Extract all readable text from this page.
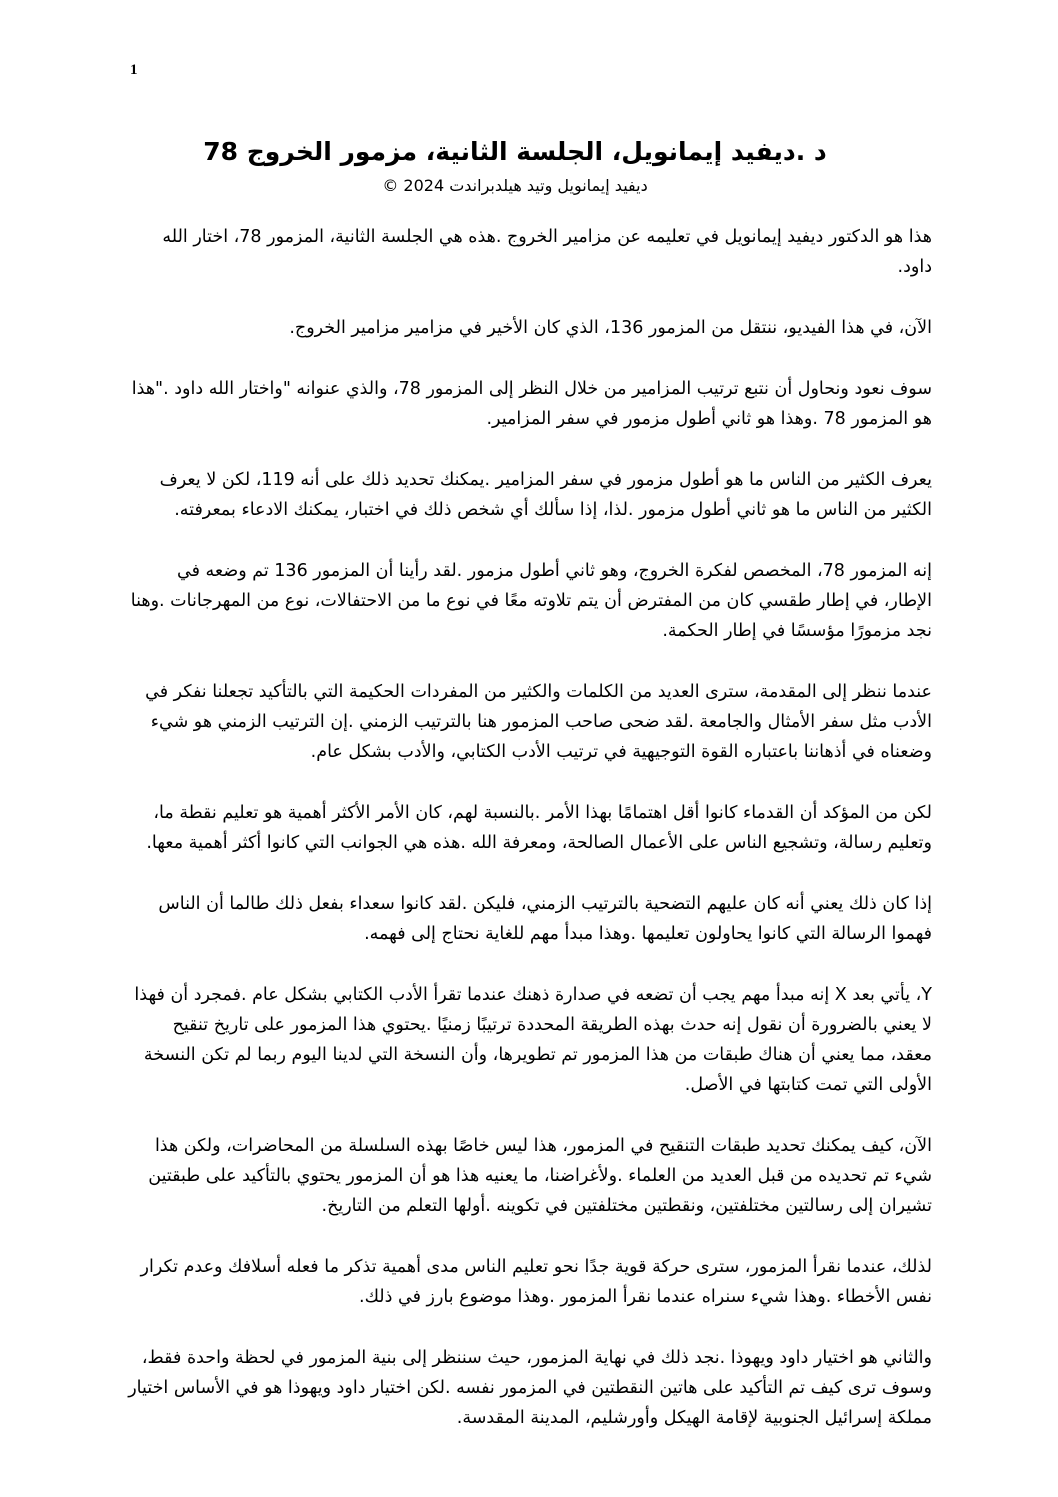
1
د .ديفيد إيمانويل، الجلسة الثانية، مزمور الخروج 78
ديفيد إيمانويل وتيد هيلدبراندت 2024 ©

هذا هو الدكتور ديفيد إيمانويل في تعليمه عن مزامير الخروج .هذه هي الجلسة الثانية، المزمور 78، اختار الله داود.

الآن، في هذا الفيديو، ننتقل من المزمور 136، الذي كان الأخير في مزامير مزامير الخروج.

سوف نعود ونحاول أن نتبع ترتيب المزامير من خلال النظر إلى المزمور 78، والذي عنوانه "واختار الله داود ."هذا هو المزمور 78 .وهذا هو ثاني أطول مزمور في سفر المزامير.

يعرف الكثير من الناس ما هو أطول مزمور في سفر المزامير .يمكنك تحديد ذلك على أنه 119، لكن لا يعرف الكثير من الناس ما هو ثاني أطول مزمور .لذا، إذا سألك أي شخص ذلك في اختبار، يمكنك الادعاء بمعرفته.

إنه المزمور 78، المخصص لفكرة الخروج، وهو ثاني أطول مزمور .لقد رأينا أن المزمور 136 تم وضعه في الإطار، في إطار طقسي كان من المفترض أن يتم تلاوته معًا في نوع ما من الاحتفالات، نوع من المهرجانات .وهنا نجد مزمورًا مؤسسًا في إطار الحكمة.

عندما ننظر إلى المقدمة، سترى العديد من الكلمات والكثير من المفردات الحكيمة التي بالتأكيد تجعلنا نفكر في الأدب مثل سفر الأمثال والجامعة .لقد ضحى صاحب المزمور هنا بالترتيب الزمني .إن الترتيب الزمني هو شيء وضعناه في أذهاننا باعتباره القوة التوجيهية في ترتيب الأدب الكتابي، والأدب بشكل عام.

لكن من المؤكد أن القدماء كانوا أقل اهتمامًا بهذا الأمر .بالنسبة لهم، كان الأمر الأكثر أهمية هو تعليم نقطة ما، وتعليم رسالة، وتشجيع الناس على الأعمال الصالحة، ومعرفة الله .هذه هي الجوانب التي كانوا أكثر أهمية معها.

إذا كان ذلك يعني أنه كان عليهم التضحية بالترتيب الزمني، فليكن .لقد كانوا سعداء بفعل ذلك طالما أن الناس فهموا الرسالة التي كانوا يحاولون تعليمها .وهذا مبدأ مهم للغاية نحتاج إلى فهمه.

Y، يأتي بعد X إنه مبدأ مهم يجب أن تضعه في صدارة ذهنك عندما تقرأ الأدب الكتابي بشكل عام .فمجرد أن فهذا لا يعني بالضرورة أن نقول إنه حدث بهذه الطريقة المحددة ترتيبًا زمنيًا .يحتوي هذا المزمور على تاريخ تنقيح معقد، مما يعني أن هناك طبقات من هذا المزمور تم تطويرها، وأن النسخة التي لدينا اليوم ربما لم تكن النسخة الأولى التي تمت كتابتها في الأصل.

الآن، كيف يمكنك تحديد طبقات التنقيح في المزمور، هذا ليس خاصًا بهذه السلسلة من المحاضرات، ولكن هذا شيء تم تحديده من قبل العديد من العلماء .ولأغراضنا، ما يعنيه هذا هو أن المزمور يحتوي بالتأكيد على طبقتين تشيران إلى رسالتين مختلفتين، ونقطتين مختلفتين في تكوينه .أولها التعلم من التاريخ.

لذلك، عندما نقرأ المزمور، سترى حركة قوية جدًا نحو تعليم الناس مدى أهمية تذكر ما فعله أسلافك وعدم تكرار نفس الأخطاء .وهذا شيء سنراه عندما نقرأ المزمور .وهذا موضوع بارز في ذلك.

والثاني هو اختيار داود ويهوذا .نجد ذلك في نهاية المزمور، حيث سننظر إلى بنية المزمور في لحظة واحدة فقط، وسوف ترى كيف تم التأكيد على هاتين النقطتين في المزمور نفسه .لكن اختيار داود ويهوذا هو في الأساس اختيار مملكة إسرائيل الجنوبية لإقامة الهيكل وأورشليم، المدينة المقدسة.
